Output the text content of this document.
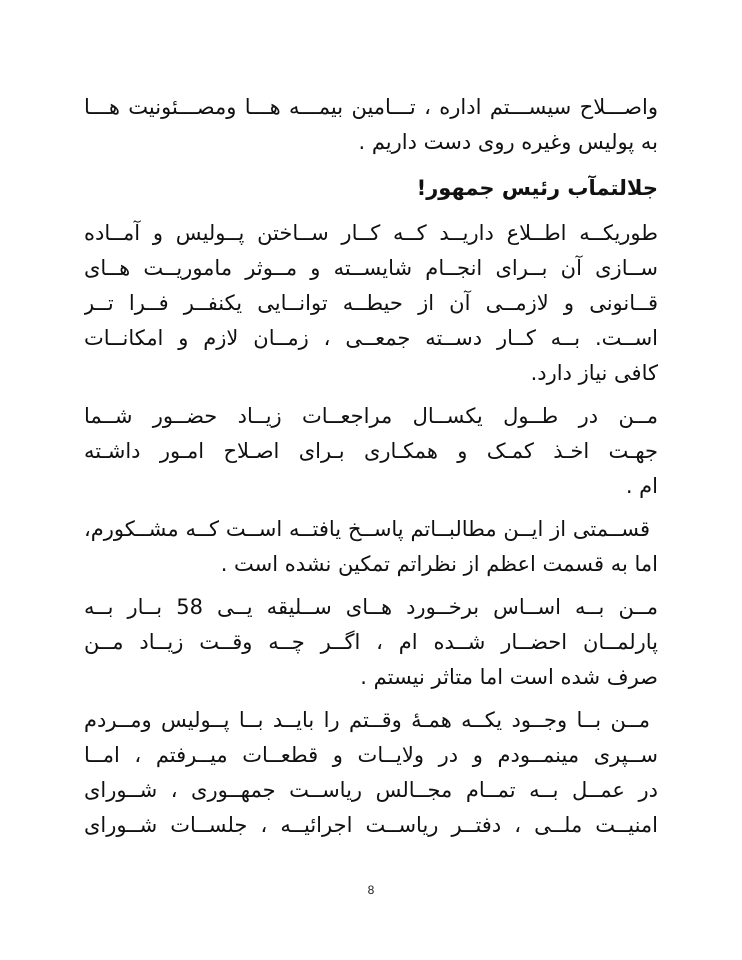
واصـــلاح سیســـتم اداره ، تـــامین بیمـــه هـــا ومصـــئونیت هـــا
به پولیس وغیره روی دست داریم .
جلالتمآب رئیس جمهور!
طوریکــه اطــلاع داریــد کــه کــار ســاختن پــولیس و آمــاده
ســازی آن بــرای انجــام شایســته و مــوثر ماموریــت هــای
قــانونی و لازمــی آن از حیطــه توانــایی یکنفــر فــرا تــر
اســت. بــه کــار دســته جمعــی ، زمــان لازم و امکانــات
کافی نیاز دارد.
مــن در طــول یکســال مراجعــات زیــاد حضــور شــما
جهـت اخـذ کمـک و همکـاری بـرای اصـلاح امـور داشـته
ام .
قســمتی از ایــن مطالبــاتم پاســخ یافتــه اســت کــه مشــکورم،
اما به قسمت اعظم از نظراتم تمکین نشده است .
مــن بــه اســاس برخــورد هــای ســلیقه یــی 58 بــار بــه
پارلمــان احضــار شــده ام ، اگــر چــه وقــت زیــاد مــن
صرف شده است اما متاثر نیستم .
مــن بــا وجــود یکــه همـۀ وقــتم را بایــد بــا پــولیس ومــردم
ســپری مینمــودم و در ولایــات و قطعــات میــرفتم ، امــا
در عمــل بــه تمــام مجــالس ریاســت جمهــوری ، شــورای
امنیــت ملــی ، دفتــر ریاســت اجرائیــه ، جلســات شــورای
8
